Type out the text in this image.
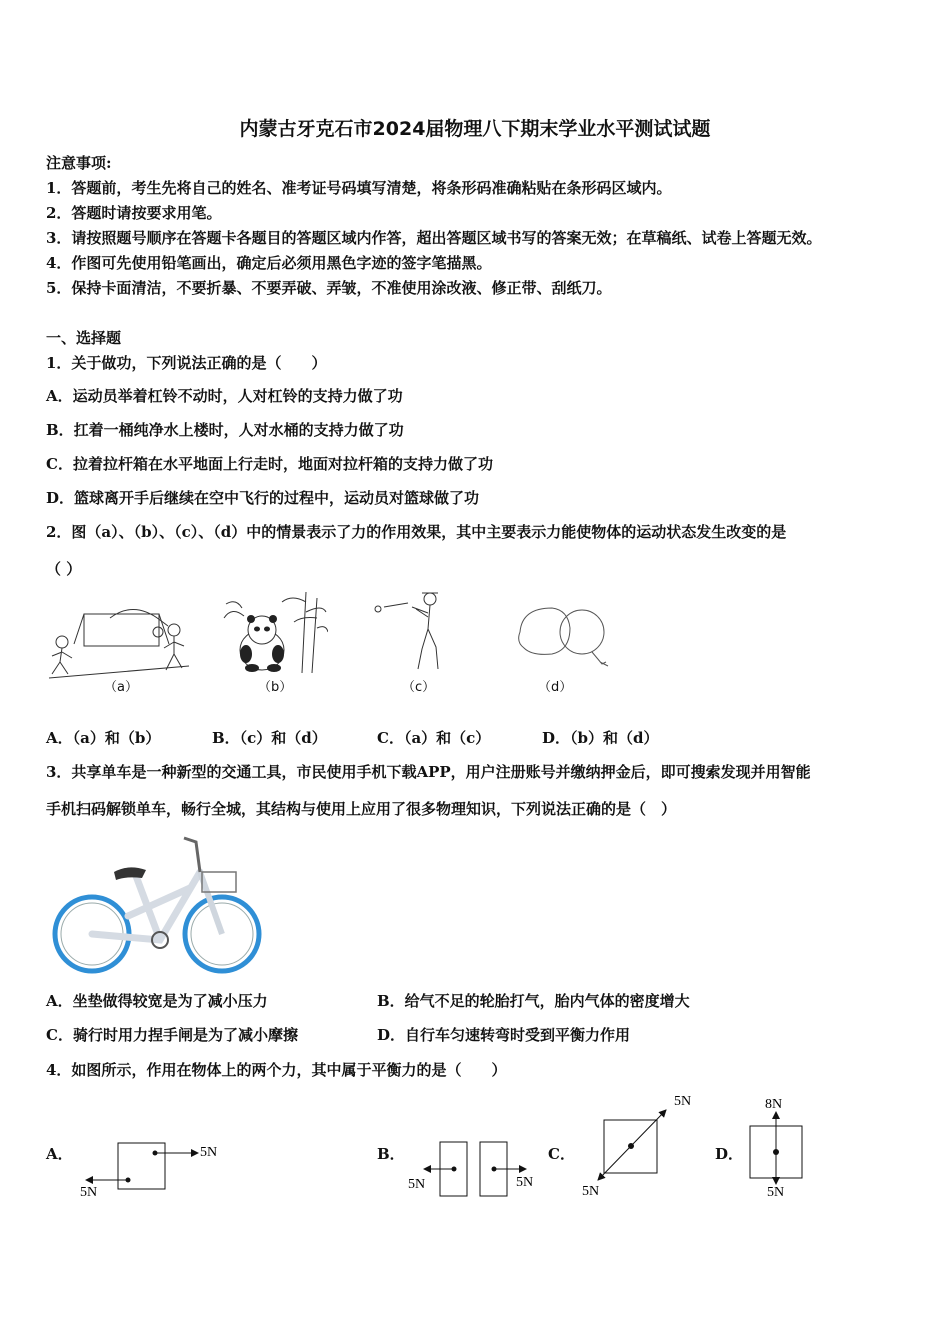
内蒙古牙克石市2024届物理八下期末学业水平测试试题
注意事项:
1．答题前，考生先将自己的姓名、准考证号码填写清楚，将条形码准确粘贴在条形码区域内。
2．答题时请按要求用笔。
3．请按照题号顺序在答题卡各题目的答题区域内作答，超出答题区域书写的答案无效；在草稿纸、试卷上答题无效。
4．作图可先使用铅笔画出，确定后必须用黑色字迹的签字笔描黑。
5．保持卡面清洁，不要折暴、不要弄破、弄皱，不准使用涂改液、修正带、刮纸刀。
一、选择题
1．关于做功，下列说法正确的是（　　）
A．运动员举着杠铃不动时，人对杠铃的支持力做了功
B．扛着一桶纯净水上楼时，人对水桶的支持力做了功
C．拉着拉杆箱在水平地面上行走时，地面对拉杆箱的支持力做了功
D．篮球离开手后继续在空中飞行的过程中，运动员对篮球做了功
2．图（a）、（b）、（c）、（d）中的情景表示了力的作用效果，其中主要表示力能使物体的运动状态发生改变的是
（ ）
（a）	（b）	（c）	（d）
A．（a）和（b）	B．（c）和（d）	C．（a）和（c）	D．（b）和（d）
3．共享单车是一种新型的交通工具，市民使用手机下载APP，用户注册账号并缴纳押金后，即可搜索发现并用智能
手机扫码解锁单车，畅行全城，其结构与使用上应用了很多物理知识，下列说法正确的是（　）
A．坐垫做得较宽是为了减小压力	B．给气不足的轮胎打气，胎内气体的密度增大
C．骑行时用力捏手闸是为了减小摩擦	D．自行车匀速转弯时受到平衡力作用
4．如图所示，作用在物体上的两个力，其中属于平衡力的是（　　）
A．	B．	C．	D．
5N
5N
5N	5N
5N
5N
8N
5N
